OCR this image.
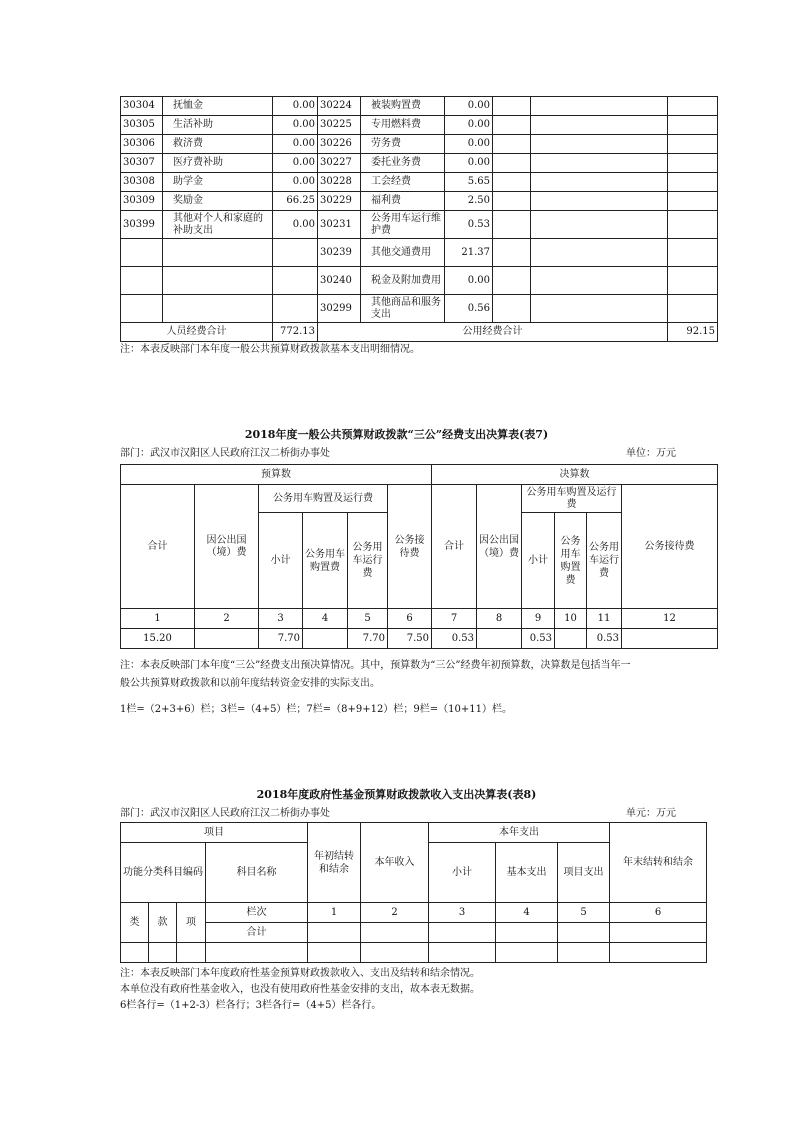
30304	抚恤金	0.00	30224	被装购置费	0.00			
30305	生活补助	0.00	30225	专用燃料费	0.00			
30306	救济费	0.00	30226	劳务费	0.00			
30307	医疗费补助	0.00	30227	委托业务费	0.00			
30308	助学金	0.00	30228	工会经费	5.65			
30309	奖励金	66.25	30229	福利费	2.50			
30399	其他对个人和家庭的补助支出	0.00	30231	公务用车运行维护费	0.53			
			30239	其他交通费用	21.37			
			30240	税金及附加费用	0.00			
			30299	其他商品和服务支出	0.56			
人员经费合计		772.13	公用经费合计					92.15
注：本表反映部门本年度一般公共预算财政拨款基本支出明细情况。
2018年度一般公共预算财政拨款“三公”经费支出决算表(表7)
部门：武汉市汉阳区人民政府江汉二桥街办事处	单位：万元
预算数						决算数					
合计	因公出国（境）费	公务用车购置及运行费			公务接待费	合计	因公出国（境）费	公务用车购置及运行费			公务接待费
		小计	公务用车购置费	公务用车运行费				小计	公务用车购置费	公务用车运行费	
1	2	3	4	5	6	7	8	9	10	11	12
15.20		7.70		7.70	7.50	0.53		0.53		0.53	
注：本表反映部门本年度“三公”经费支出预决算情况。其中，预算数为“三公”经费年初预算数，决算数是包括当年一
般公共预算财政拨款和以前年度结转资金安排的实际支出。
1栏=（2+3+6）栏；3栏=（4+5）栏；7栏=（8+9+12）栏；9栏=（10+11）栏。
2018年度政府性基金预算财政拨款收入支出决算表(表8)
部门：武汉市汉阳区人民政府江汉二桥街办事处	单元：万元
项目				年初结转和结余	本年收入	本年支出			年末结转和结余
功能分类科目编码			科目名称			小计	基本支出	项目支出	
类	款	项	栏次	1	2	3	4	5	6
			合计						

注：本表反映部门本年度政府性基金预算财政拨款收入、支出及结转和结余情况。
本单位没有政府性基金收入，也没有使用政府性基金安排的支出，故本表无数据。
6栏各行=（1+2-3）栏各行；3栏各行=（4+5）栏各行。
